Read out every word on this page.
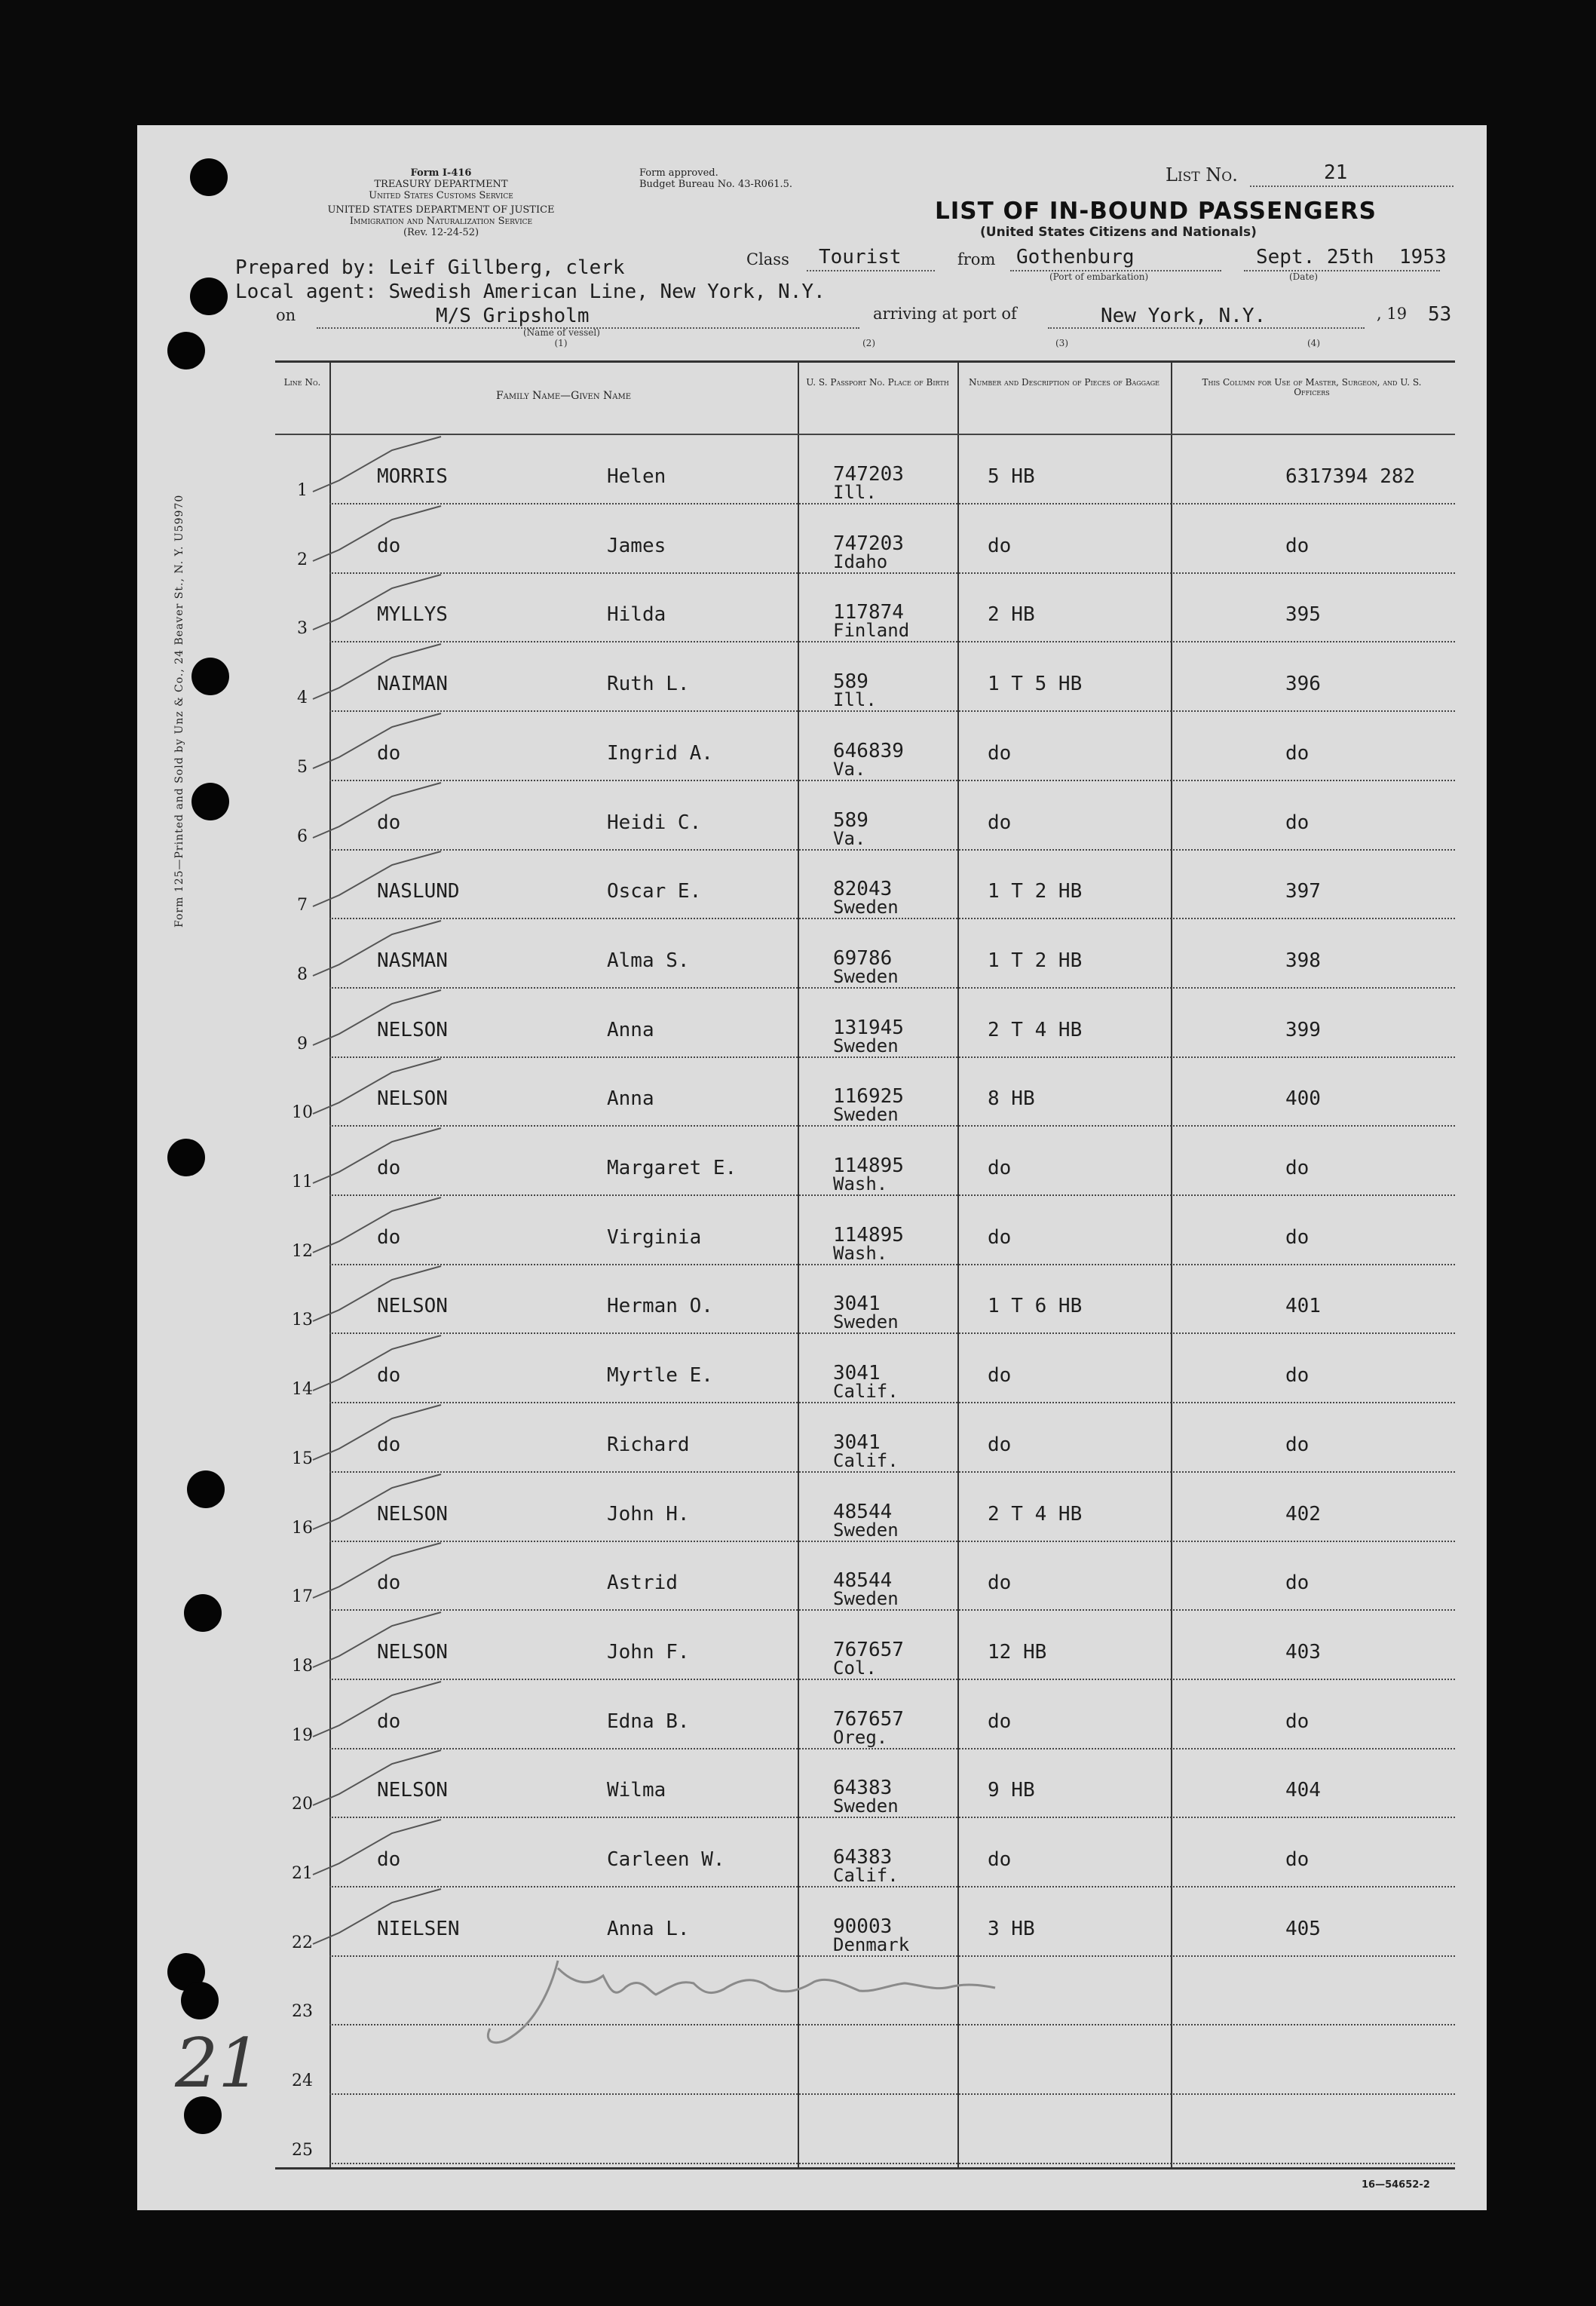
Form I-416
TREASURY DEPARTMENT
United States Customs Service
UNITED STATES DEPARTMENT OF JUSTICE
Immigration and Naturalization Service
(Rev. 12-24-52)
Form approved.
Budget Bureau No. 43-R061.5.	List No.	21
LIST OF IN-BOUND PASSENGERS
(United States Citizens and Nationals)
Prepared by: Leif Gillberg, clerk
Local agent: Swedish American Line, New York, N.Y.
Class Tourist	from Gothenburg
(Port of embarkation)
Sept. 25th 1953
(Date)
on	M/S Gripsholm
(Name of vessel)
(1)
arriving at port of	New York, N.Y.	, 19 53
(2)	(3)	(4)
Line No.
Family Name—Given Name
U. S. Passport No. Place of Birth	Number and Description of Pieces of Baggage	This Column for Use of Master, Surgeon, and U. S. Officers
1
MORRIS	Helen	747203
Ill.
5 HB	6317394 282
2
do	James	747203
Idaho
do	do
3
MYLLYS	Hilda	117874
Finland
2 HB	395
4
NAIMAN	Ruth L.	589
Ill.
1 T 5 HB	396
5
do	Ingrid A.	646839
Va.
do	do
6
do	Heidi C.	589
Va.
do	do
7
NASLUND	Oscar E.	82043
Sweden
1 T 2 HB	397
8
NASMAN	Alma S.	69786
Sweden
1 T 2 HB	398
9
NELSON	Anna	131945
Sweden
2 T 4 HB	399
10
NELSON	Anna	116925
Sweden
8 HB	400
11
do	Margaret E.	114895
Wash.
do	do
12
do	Virginia	114895
Wash.
do	do
13
NELSON	Herman O.	3041
Sweden
1 T 6 HB	401
14
do	Myrtle E.	3041
Calif.
do	do
15
do	Richard	3041
Calif.
do	do
16
NELSON	John H.	48544
Sweden
2 T 4 HB	402
17
do	Astrid	48544
Sweden
do	do
18
NELSON	John F.	767657
Col.
12 HB	403
19
do	Edna B.	767657
Oreg.
do	do
20
NELSON	Wilma	64383
Sweden
9 HB	404
21
do	Carleen W.	64383
Calif.
do	do
22
NIELSEN	Anna L.	90003
Denmark
3 HB	405
23
24
25
Form 125—Printed and Sold by Unz & Co., 24 Beaver St., N. Y. U59970
21
16—54652-2
